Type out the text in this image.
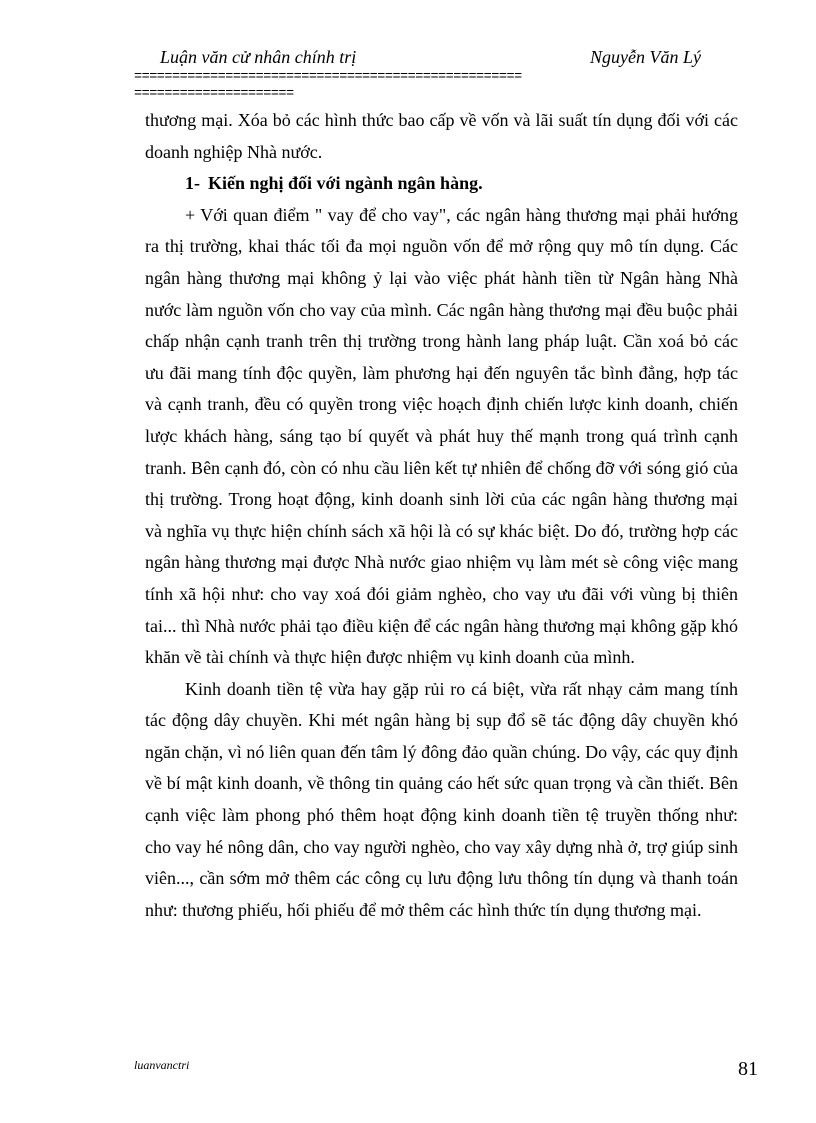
Luận văn cử nhân chính trị	Nguyễn Văn Lý
===================================================
=====================

thương mại. Xóa bỏ các hình thức bao cấp về vốn và lãi suất tín dụng đối với các doanh nghiệp Nhà nước.

1- Kiến nghị đối với ngành ngân hàng.

+ Với quan điểm " vay để cho vay", các ngân hàng thương mại phải hướng ra thị trường, khai thác tối đa mọi nguồn vốn để mở rộng quy mô tín dụng. Các ngân hàng thương mại không ỷ lại vào việc phát hành tiền từ Ngân hàng Nhà nước làm nguồn vốn cho vay của mình. Các ngân hàng thương mại đều buộc phải chấp nhận cạnh tranh trên thị trường trong hành lang pháp luật. Cần xoá bỏ các ưu đãi mang tính độc quyền, làm phương hại đến nguyên tắc bình đẳng, hợp tác và cạnh tranh, đều có quyền trong việc hoạch định chiến lược kinh doanh, chiến lược khách hàng, sáng tạo bí quyết và phát huy thế mạnh trong quá trình cạnh tranh. Bên cạnh đó, còn có nhu cầu liên kết tự nhiên để chống đỡ với sóng gió của thị trường. Trong hoạt động, kinh doanh sinh lời của các ngân hàng thương mại và nghĩa vụ thực hiện chính sách xã hội là có sự khác biệt. Do đó, trường hợp các ngân hàng thương mại được Nhà nước giao nhiệm vụ làm mét sè công việc mang tính xã hội như: cho vay xoá đói giảm nghèo, cho vay ưu đãi với vùng bị thiên tai... thì Nhà nước phải tạo điều kiện để các ngân hàng thương mại không gặp khó khăn về tài chính và thực hiện được nhiệm vụ kinh doanh của mình.

Kinh doanh tiền tệ vừa hay gặp rủi ro cá biệt, vừa rất nhạy cảm mang tính tác động dây chuyền. Khi mét ngân hàng bị sụp đổ sẽ tác động dây chuyền khó ngăn chặn, vì nó liên quan đến tâm lý đông đảo quần chúng. Do vậy, các quy định về bí mật kinh doanh, về thông tin quảng cáo hết sức quan trọng và cần thiết. Bên cạnh việc làm phong phó thêm hoạt động kinh doanh tiền tệ truyền thống như: cho vay hé nông dân, cho vay người nghèo, cho vay xây dựng nhà ở, trợ giúp sinh viên..., cần sớm mở thêm các công cụ lưu động lưu thông tín dụng và thanh toán như: thương phiếu, hối phiếu để mở thêm các hình thức tín dụng thương mại.

luanvanctri	81
